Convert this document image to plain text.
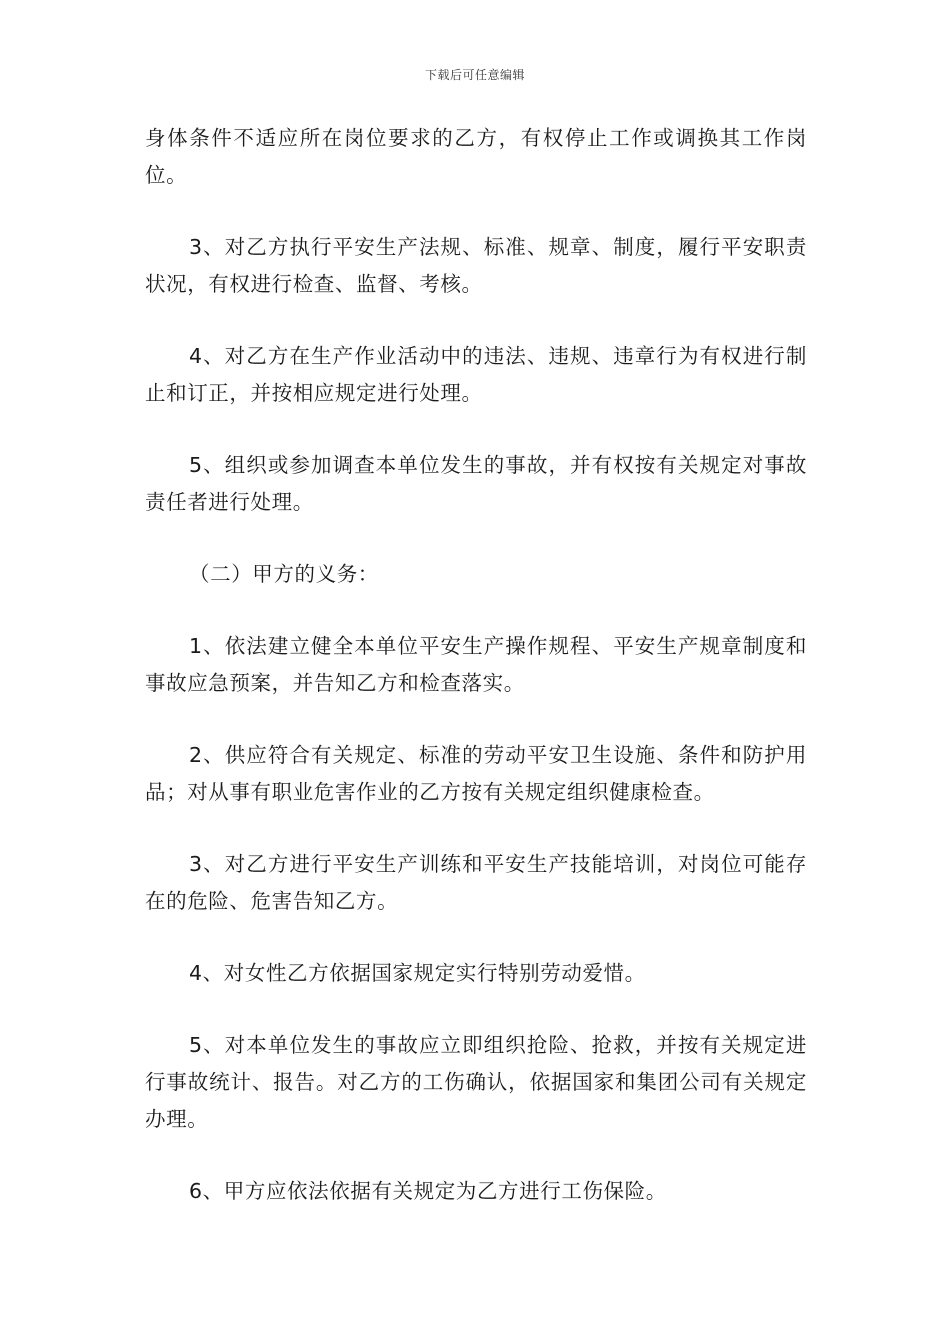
下载后可任意编辑

身体条件不适应所在岗位要求的乙方，有权停止工作或调换其工作岗位。

3、对乙方执行平安生产法规、标准、规章、制度，履行平安职责状况，有权进行检查、监督、考核。

4、对乙方在生产作业活动中的违法、违规、违章行为有权进行制止和订正，并按相应规定进行处理。

5、组织或参加调查本单位发生的事故，并有权按有关规定对事故责任者进行处理。

（二）甲方的义务：

1、依法建立健全本单位平安生产操作规程、平安生产规章制度和事故应急预案，并告知乙方和检查落实。

2、供应符合有关规定、标准的劳动平安卫生设施、条件和防护用品；对从事有职业危害作业的乙方按有关规定组织健康检查。

3、对乙方进行平安生产训练和平安生产技能培训，对岗位可能存在的危险、危害告知乙方。

4、对女性乙方依据国家规定实行特别劳动爱惜。

5、对本单位发生的事故应立即组织抢险、抢救，并按有关规定进行事故统计、报告。对乙方的工伤确认，依据国家和集团公司有关规定办理。

6、甲方应依法依据有关规定为乙方进行工伤保险。
